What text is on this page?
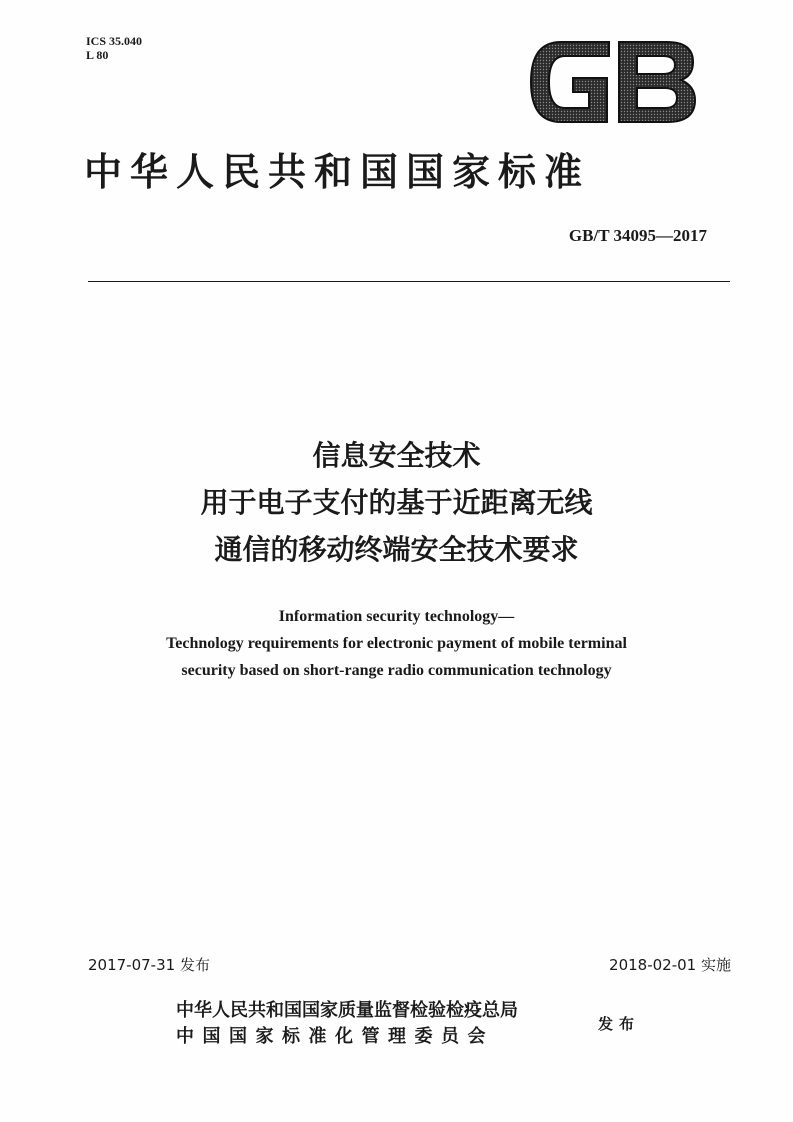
ICS 35.040
L 80
中华人民共和国国家标准
GB/T 34095—2017
信息安全技术
用于电子支付的基于近距离无线
通信的移动终端安全技术要求
Information security technology—
Technology requirements for electronic payment of mobile terminal
security based on short-range radio communication technology
2017-07-31 发布	2018-02-01 实施
中华人民共和国国家质量监督检验检疫总局
中国国家标准化管理委员会
发布
